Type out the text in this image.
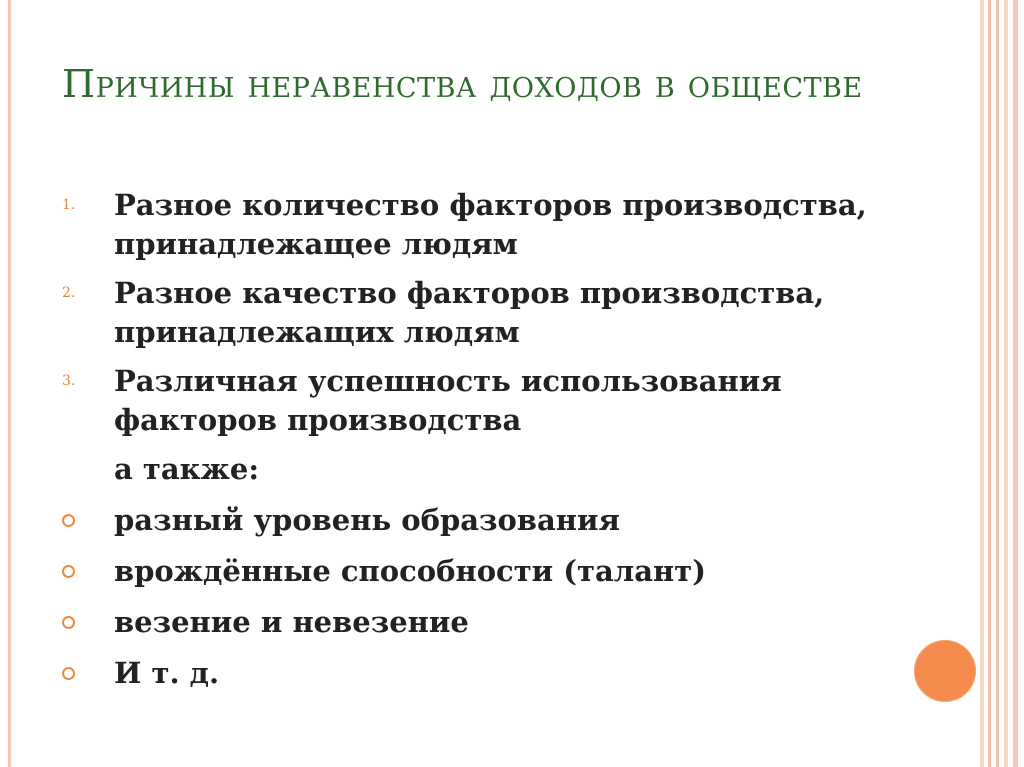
Причины неравенства доходов в обществе
1. Разное количество факторов производства, принадлежащее людям
2. Разное качество факторов производства, принадлежащих людям
3. Различная успешность использования факторов производства
а также:
разный уровень образования
врождённые способности (талант)
везение и невезение
И т. д.
